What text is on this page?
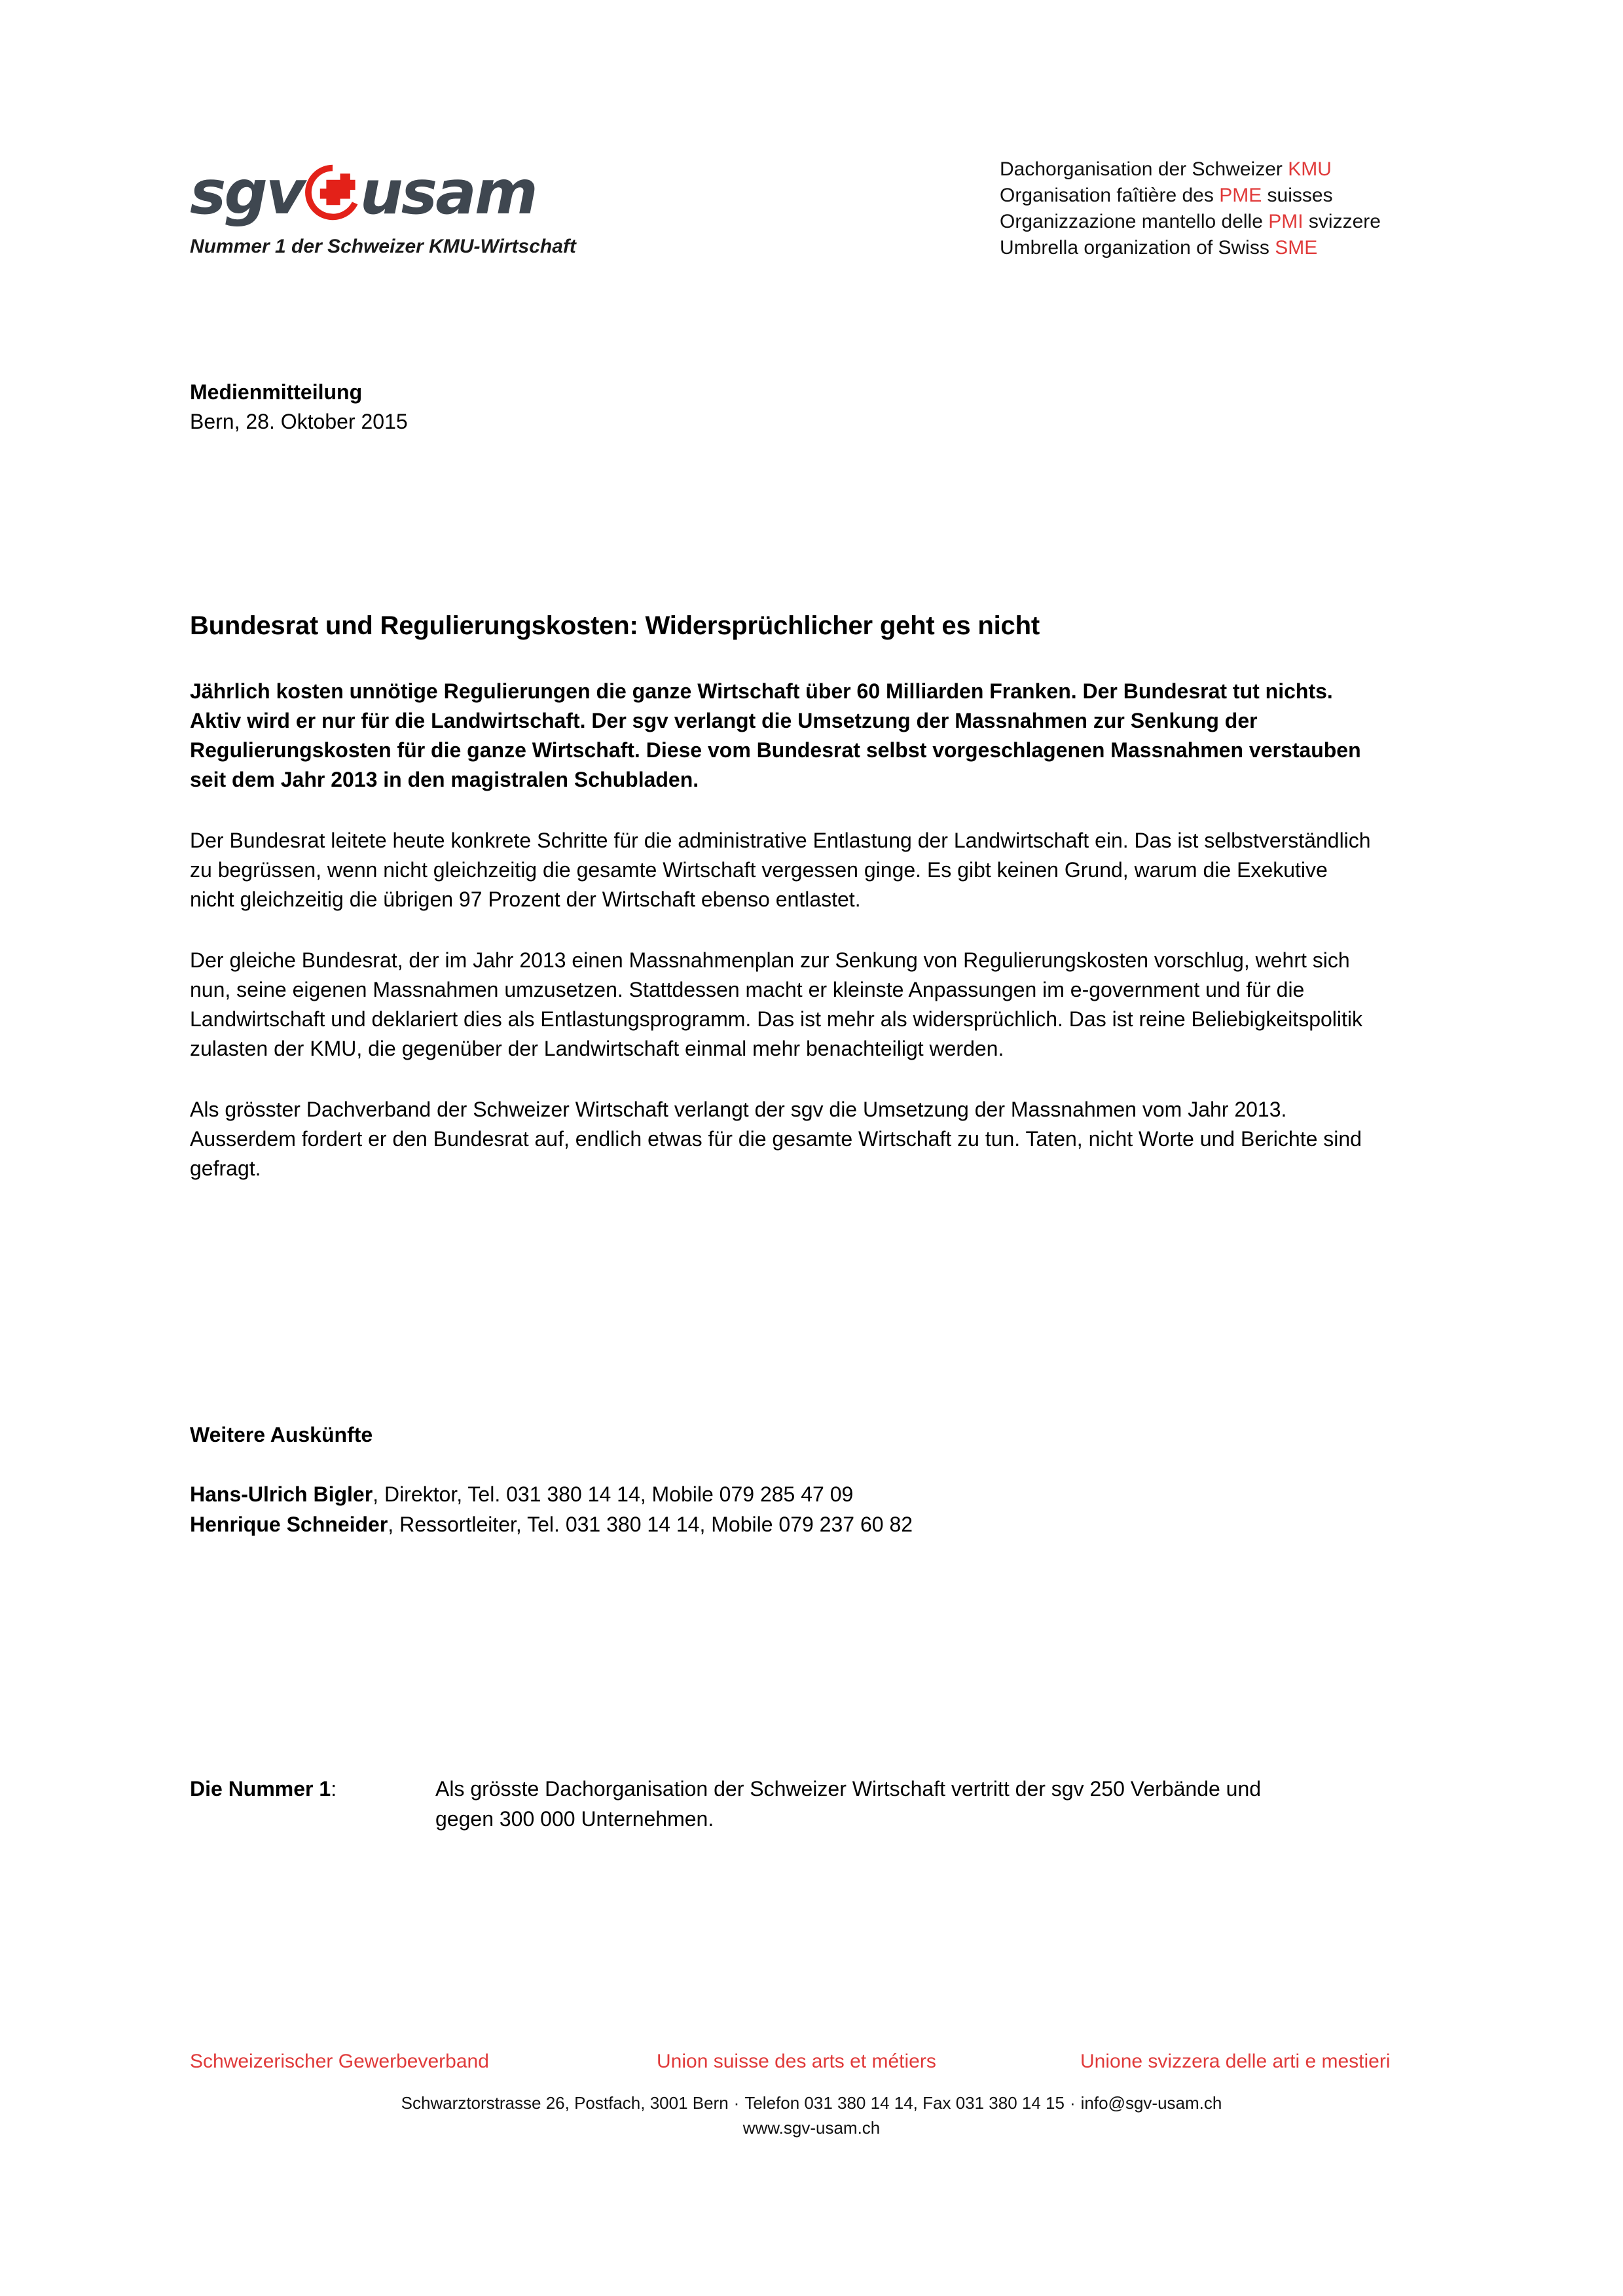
sgv usam
Nummer 1 der Schweizer KMU-Wirtschaft
Dachorganisation der Schweizer KMU
Organisation faîtière des PME suisses
Organizzazione mantello delle PMI svizzere
Umbrella organization of Swiss SME
Medienmitteilung
Bern, 28. Oktober 2015
Bundesrat und Regulierungskosten: Widersprüchlicher geht es nicht

Jährlich kosten unnötige Regulierungen die ganze Wirtschaft über 60 Milliarden Franken. Der Bundesrat tut nichts. Aktiv wird er nur für die Landwirtschaft. Der sgv verlangt die Umsetzung der Massnahmen zur Senkung der Regulierungskosten für die ganze Wirtschaft. Diese vom Bundesrat selbst vorgeschlagenen Massnahmen verstauben seit dem Jahr 2013 in den magistralen Schubladen.

Der Bundesrat leitete heute konkrete Schritte für die administrative Entlastung der Landwirtschaft ein. Das ist selbstverständlich zu begrüssen, wenn nicht gleichzeitig die gesamte Wirtschaft vergessen ginge. Es gibt keinen Grund, warum die Exekutive nicht gleichzeitig die übrigen 97 Prozent der Wirtschaft ebenso entlastet.

Der gleiche Bundesrat, der im Jahr 2013 einen Massnahmenplan zur Senkung von Regulierungskosten vorschlug, wehrt sich nun, seine eigenen Massnahmen umzusetzen. Stattdessen macht er kleinste Anpassungen im e-government und für die Landwirtschaft und deklariert dies als Entlastungsprogramm. Das ist mehr als widersprüchlich. Das ist reine Beliebigkeitspolitik zulasten der KMU, die gegenüber der Landwirtschaft einmal mehr benachteiligt werden.

Als grösster Dachverband der Schweizer Wirtschaft verlangt der sgv die Umsetzung der Massnahmen vom Jahr 2013. Ausserdem fordert er den Bundesrat auf, endlich etwas für die gesamte Wirtschaft zu tun. Taten, nicht Worte und Berichte sind gefragt.

Weitere Auskünfte
Hans-Ulrich Bigler, Direktor, Tel. 031 380 14 14, Mobile 079 285 47 09
Henrique Schneider, Ressortleiter, Tel. 031 380 14 14, Mobile 079 237 60 82
Die Nummer 1:	Als grösste Dachorganisation der Schweizer Wirtschaft vertritt der sgv 250 Verbände und gegen 300 000 Unternehmen.
Schweizerischer Gewerbeverband	Union suisse des arts et métiers	Unione svizzera delle arti e mestieri
Schwarztorstrasse 26, Postfach, 3001 Bern · Telefon 031 380 14 14, Fax 031 380 14 15 · info@sgv-usam.ch
www.sgv-usam.ch
